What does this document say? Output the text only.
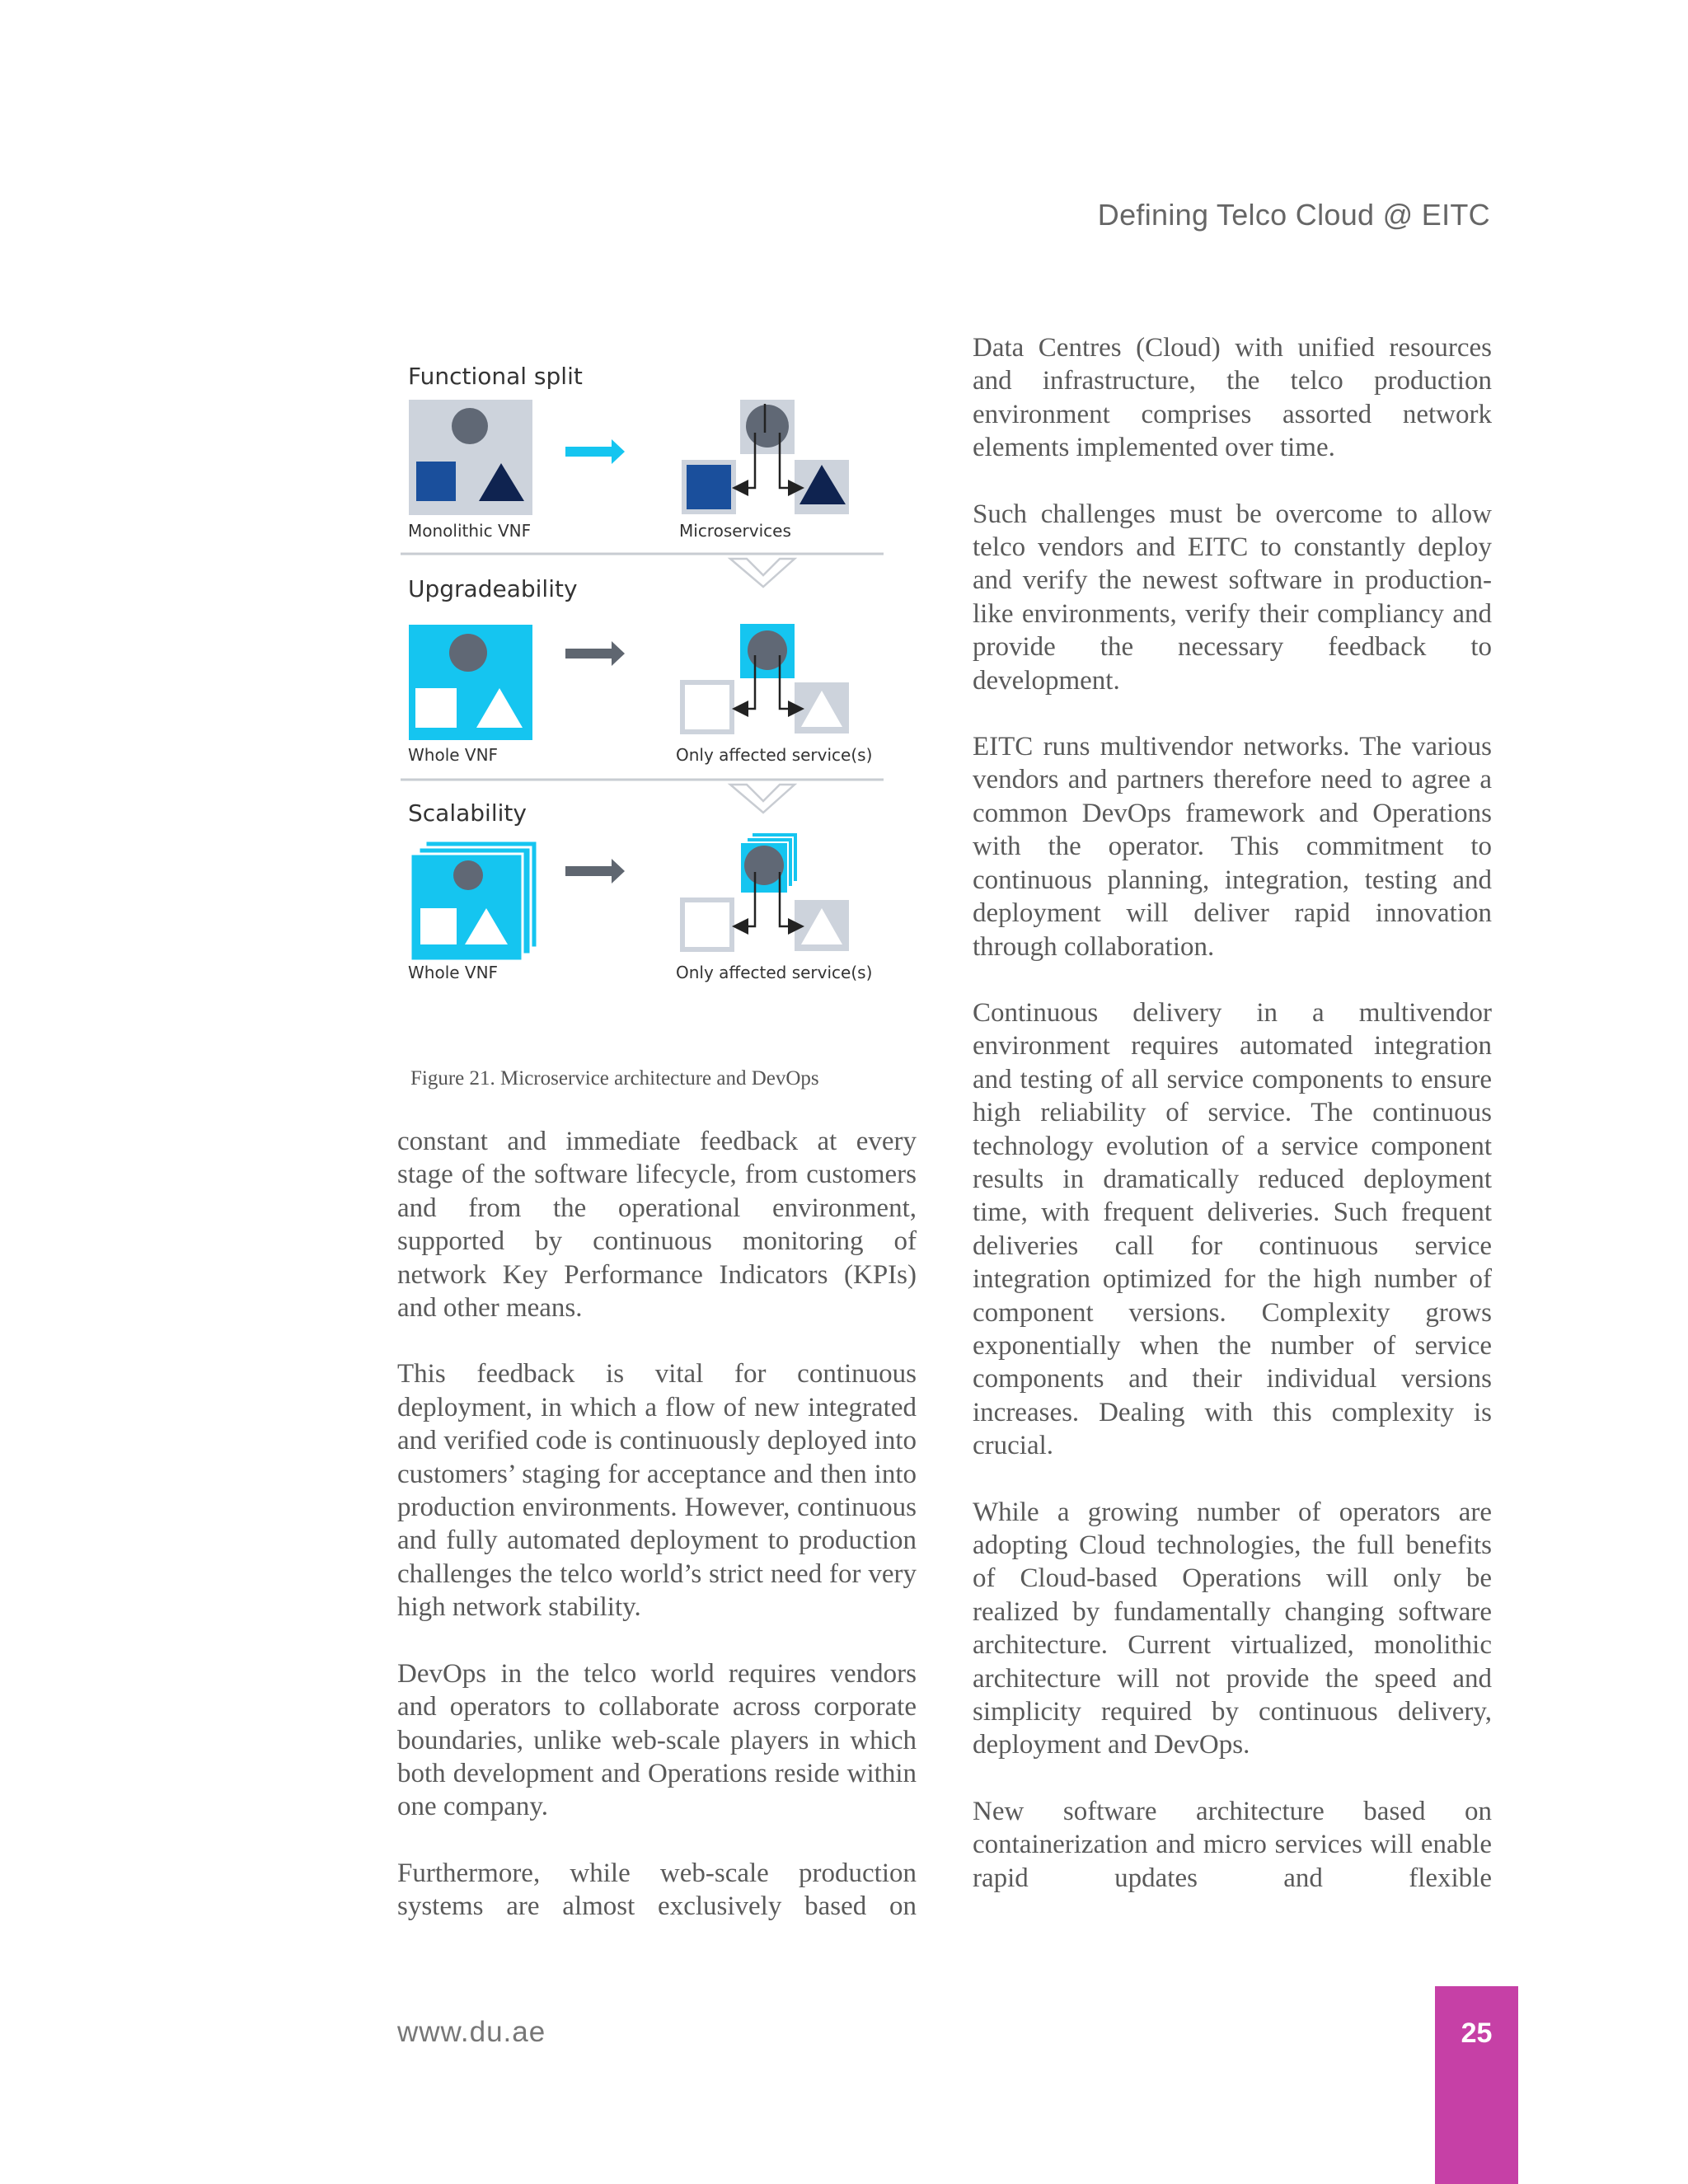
Defining Telco Cloud @ EITC
Functional split
Monolithic VNF	Microservices
Upgradeability
Whole VNF	Only affected service(s)
Scalability
Whole VNF	Only affected service(s)
Figure 21. Microservice architecture and DevOps

constant and immediate feedback at every stage of the software lifecycle, from customers and from the operational environment, supported by continuous monitoring of network Key Performance Indicators (KPIs) and other means.

This feedback is vital for continuous deployment, in which a flow of new integrated and verified code is continuously deployed into customers’ staging for acceptance and then into production environments. However, continuous and fully automated deployment to production challenges the telco world’s strict need for very high network stability.

DevOps in the telco world requires vendors and operators to collaborate across corporate boundaries, unlike web-scale players in which both development and Operations reside within one company.

Furthermore, while web-scale production systems are almost exclusively based on

Data Centres (Cloud) with unified resources and infrastructure, the telco production environment comprises assorted network elements implemented over time.

Such challenges must be overcome to allow telco vendors and EITC to constantly deploy and verify the newest software in production-like environments, verify their compliancy and provide the necessary feedback to development.

EITC runs multivendor networks. The various vendors and partners therefore need to agree a common DevOps framework and Operations with the operator. This commitment to continuous planning, integration, testing and deployment will deliver rapid innovation through collaboration.

Continuous delivery in a multivendor environment requires automated integration and testing of all service components to ensure high reliability of service. The continuous technology evolution of a service component results in dramatically reduced deployment time, with frequent deliveries. Such frequent deliveries call for continuous service integration optimized for the high number of component versions. Complexity grows exponentially when the number of service components and their individual versions increases. Dealing with this complexity is crucial.

While a growing number of operators are adopting Cloud technologies, the full benefits of Cloud-based Operations will only be realized by fundamentally changing software architecture. Current virtualized, monolithic architecture will not provide the speed and simplicity required by continuous delivery, deployment and DevOps.

New software architecture based on containerization and micro services will enable rapid updates and flexible

www.du.ae	25
